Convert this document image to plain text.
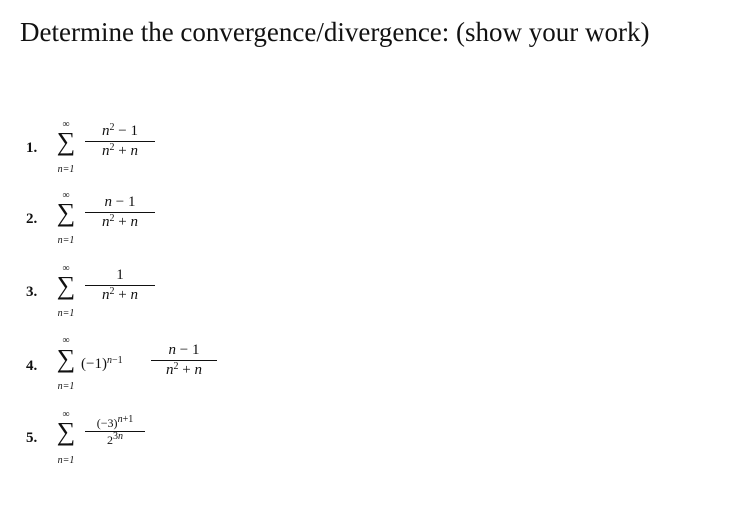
Determine the convergence/divergence: (show your work)
1.
∞
∑
n=1
$n^2 - 1$
$n^2 + n$
2.
∞
∑
n=1
n − 1
$n^2 + n$
3.
∞
∑
n=1
1
$n^2 + n$
4.
∞
∑
n=1
$(-1)^{n-1}$
n − 1
$n^2 + n$
5.
∞
∑
n=1
$(-3)^{n+1}$
$2^{3n}$
